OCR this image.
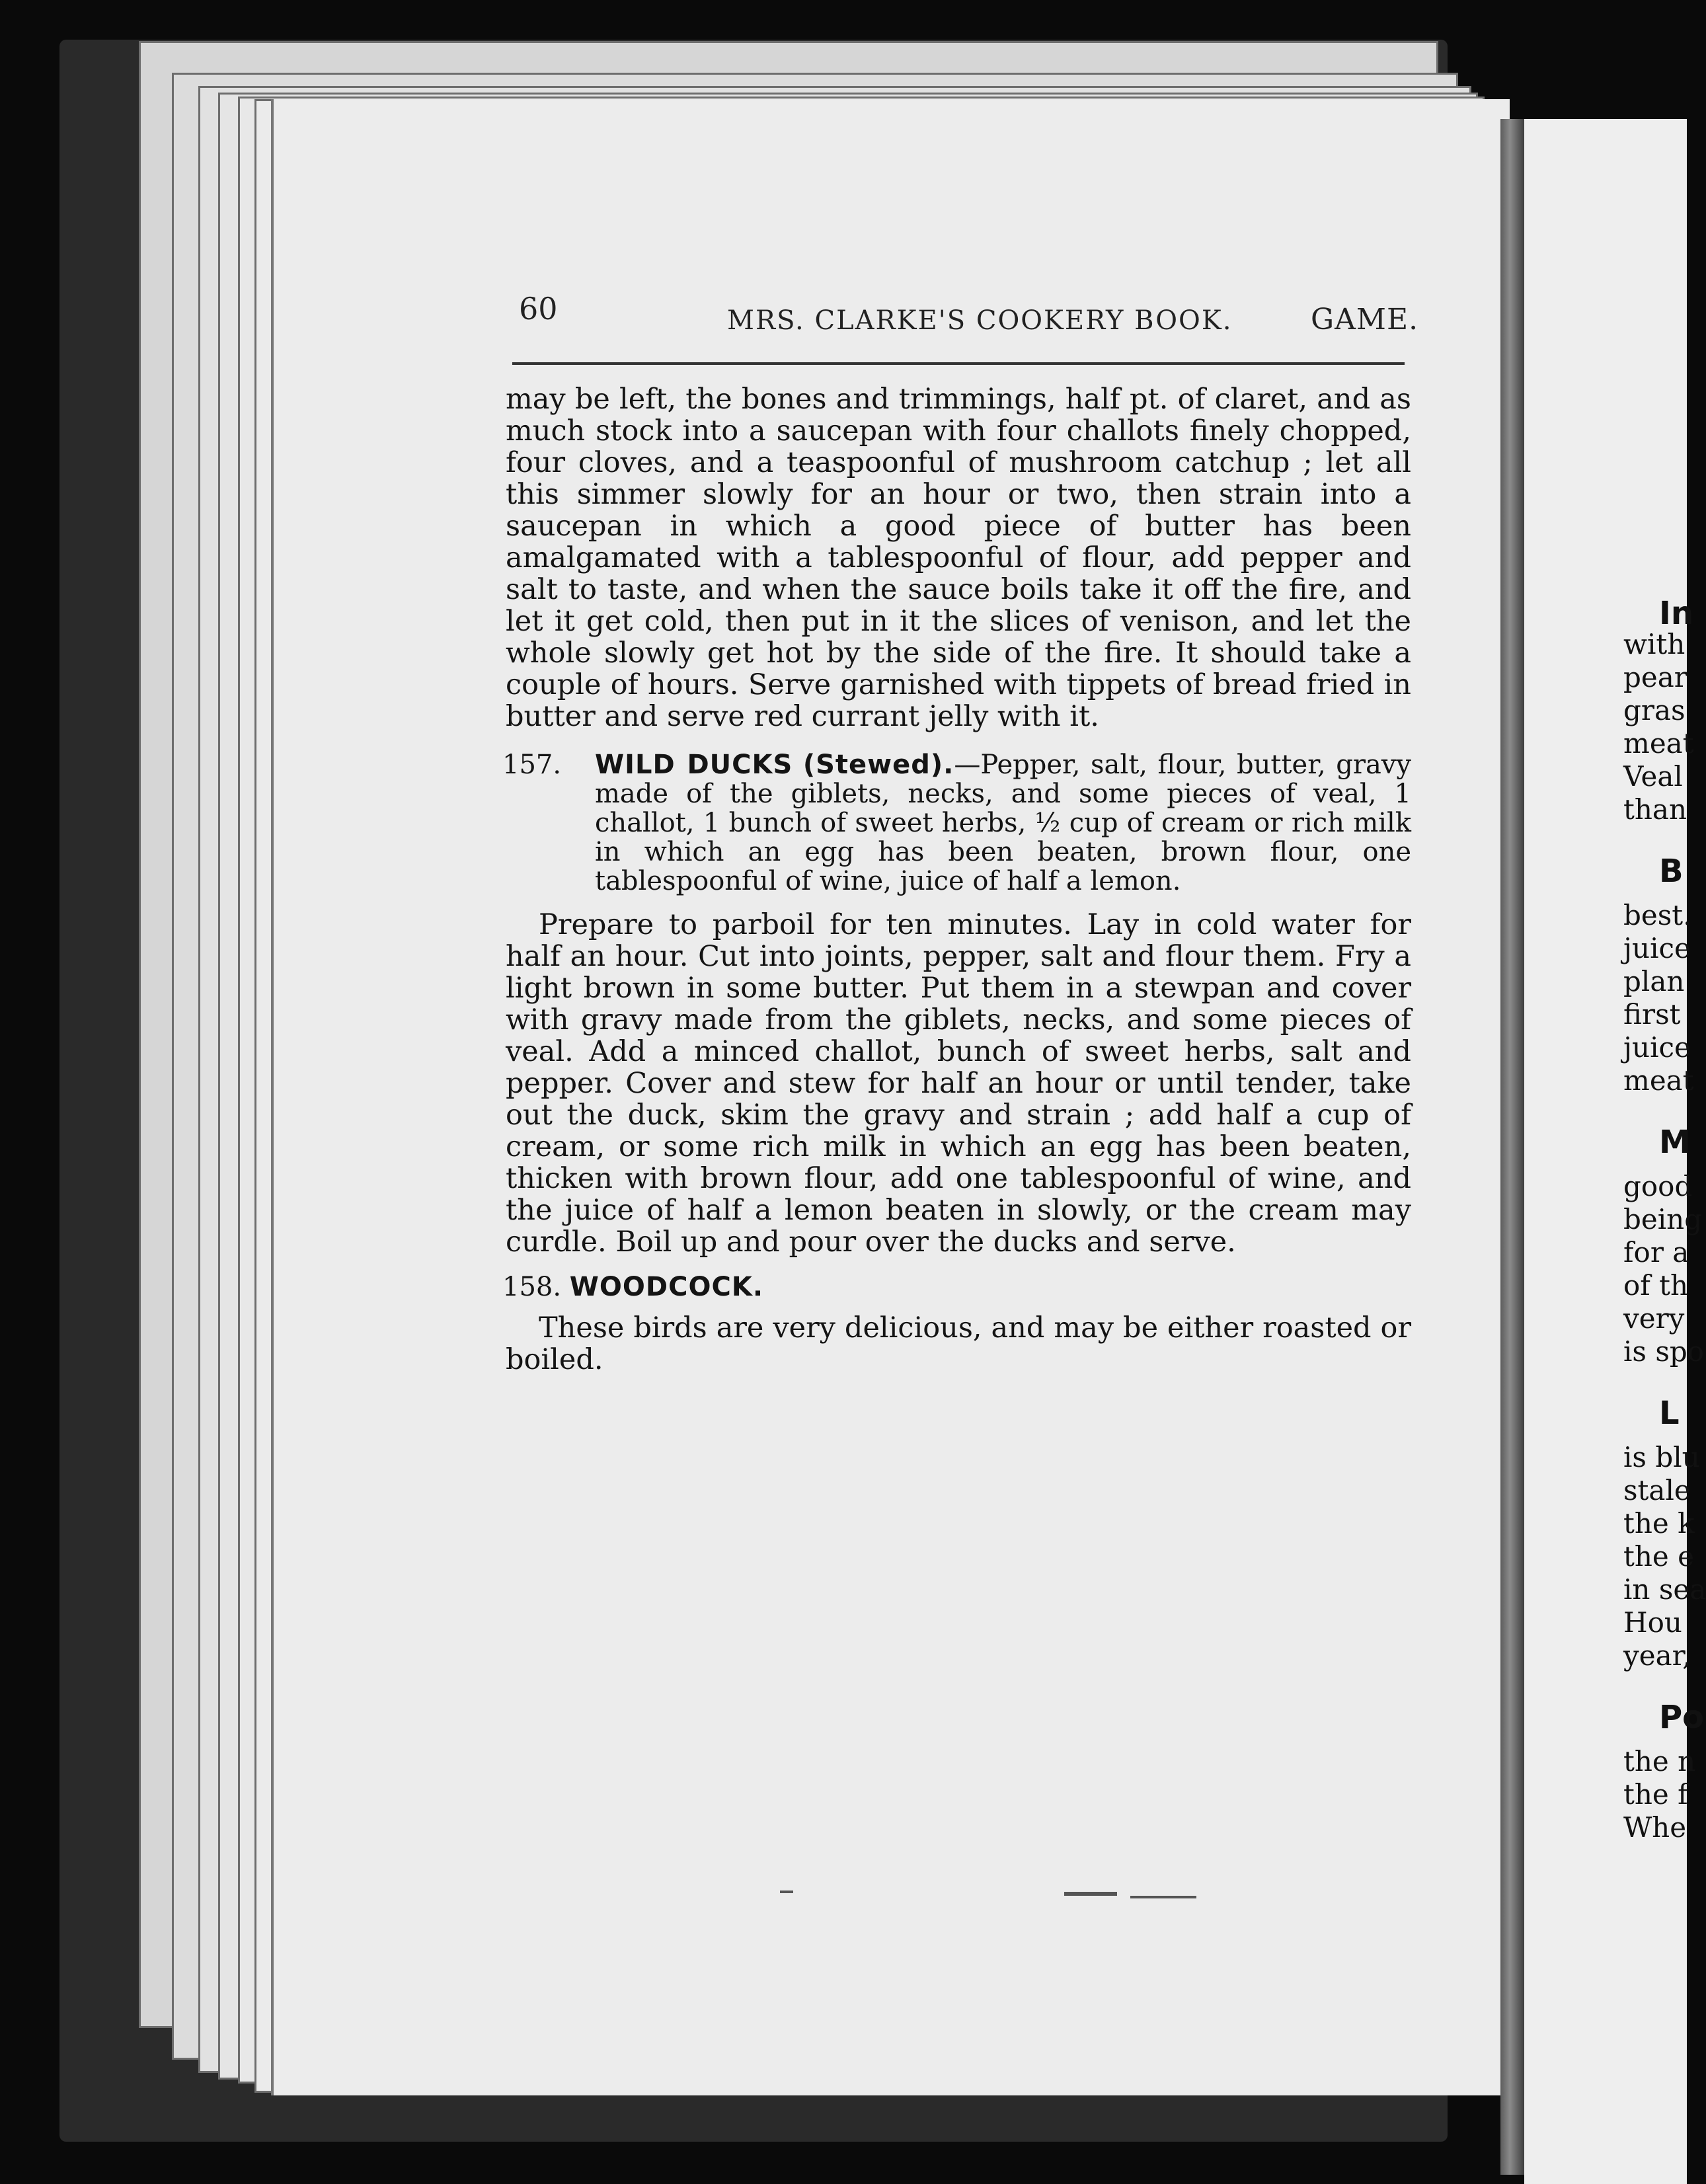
60	MRS. CLARKE'S COOKERY BOOK.	GAME.

may be left, the bones and trimmings, half pt. of claret, and as much stock into a saucepan with four challots finely chopped, four cloves, and a teaspoonful of mushroom catchup ; let all this simmer slowly for an hour or two, then strain into a saucepan in which a good piece of butter has been amalgamated with a tablespoonful of flour, add pepper and salt to taste, and when the sauce boils take it off the fire, and let it get cold, then put in it the slices of venison, and let the whole slowly get hot by the side of the fire. It should take a couple of hours. Serve garnished with tippets of bread fried in butter and serve red currant jelly with it.

157. WILD DUCKS (Stewed).—Pepper, salt, flour, butter, gravy made of the giblets, necks, and some pieces of veal, 1 challot, 1 bunch of sweet herbs, ½ cup of cream or rich milk in which an egg has been beaten, brown flour, one tablespoonful of wine, juice of half a lemon.

Prepare to parboil for ten minutes. Lay in cold water for half an hour. Cut into joints, pepper, salt and flour them. Fry a light brown in some butter. Put them in a stewpan and cover with gravy made from the giblets, necks, and some pieces of veal. Add a minced challot, bunch of sweet herbs, salt and pepper. Cover and stew for half an hour or until tender, take out the duck, skim the gravy and strain ; add half a cup of cream, or some rich milk in which an egg has been beaten, thicken with brown flour, add one tablespoonful of wine, and the juice of half a lemon beaten in slowly, or the cream may curdle. Boil up and pour over the ducks and serve.

158. WOODCOCK.

These birds are very delicious, and may be either roasted or boiled.

In
with
pear
gras
meat
Veal
than
B
best.
juice
plan
first
juice
meat
M
good
being
for a
of th
very
is spo
L
is blu
stale
the k
the e
in sea
Hou
year,
Po
the n
the f
Whe
